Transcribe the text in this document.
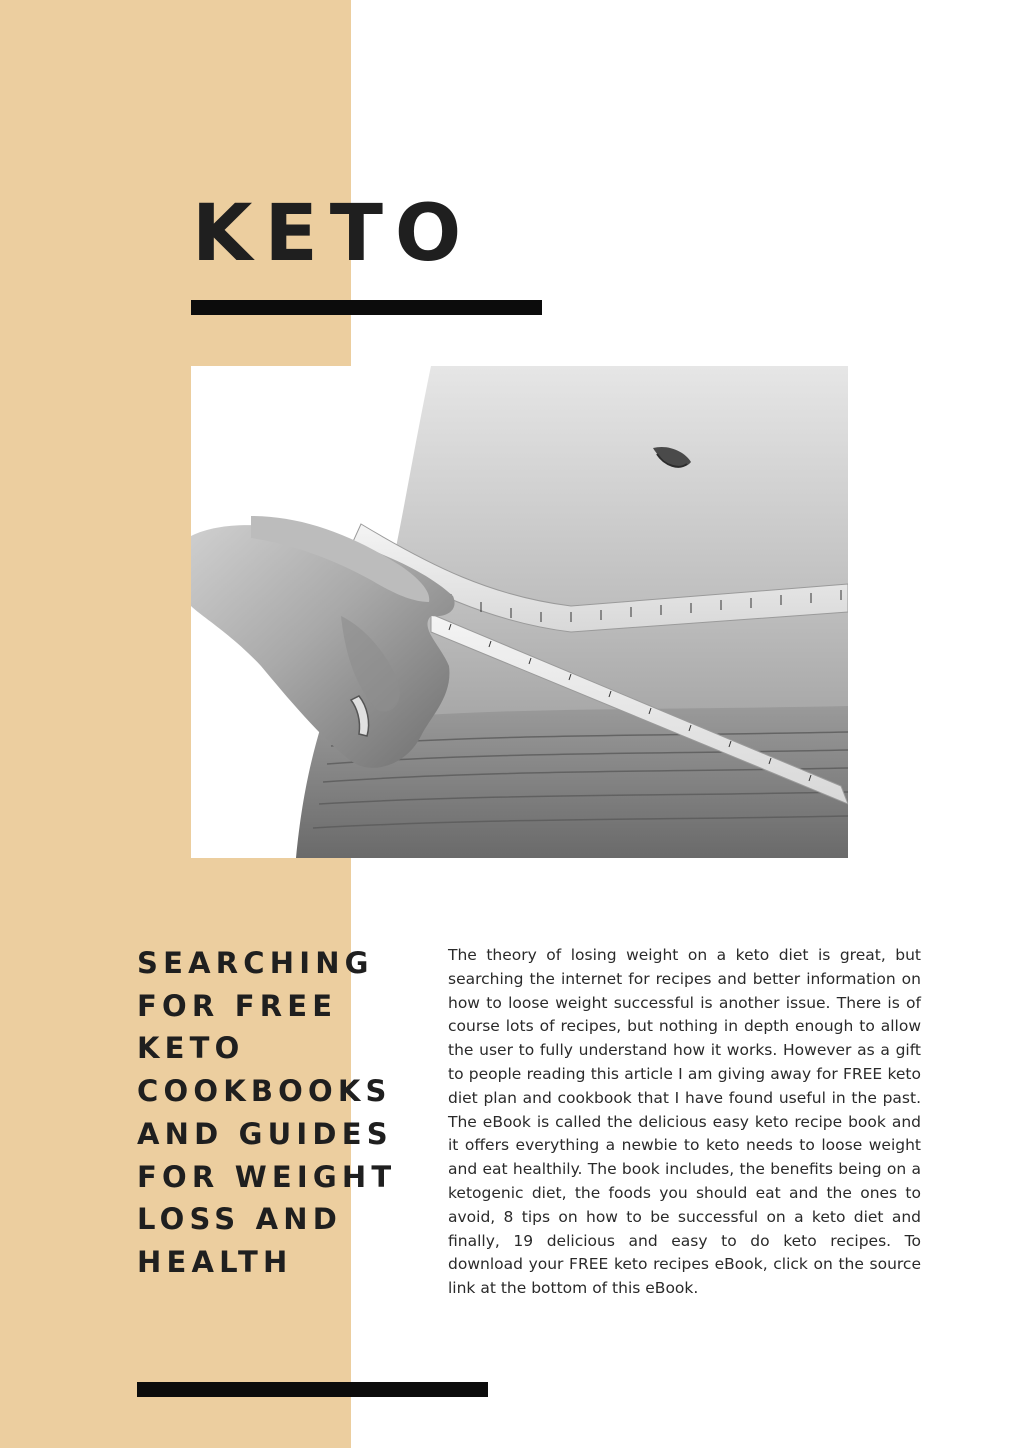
KETO
SEARCHING
FOR FREE
KETO
COOKBOOKS
AND GUIDES
FOR WEIGHT
LOSS AND
HEALTH

The theory of losing weight on a keto diet is great, but searching the internet for recipes and better information on how to loose weight successful is another issue. There is of course lots of recipes, but nothing in depth enough to allow the user to fully understand how it works. However as a gift to people reading this article I am giving away for FREE keto diet plan and cookbook that I have found useful in the past. The eBook is called the delicious easy keto recipe book and it offers everything a newbie to keto needs to loose weight and eat healthily. The book includes, the benefits being on a ketogenic diet, the foods you should eat and the ones to avoid, 8 tips on how to be successful on a keto diet and finally, 19 delicious and easy to do keto recipes. To download your FREE keto recipes eBook, click on the source link at the bottom of this eBook.
